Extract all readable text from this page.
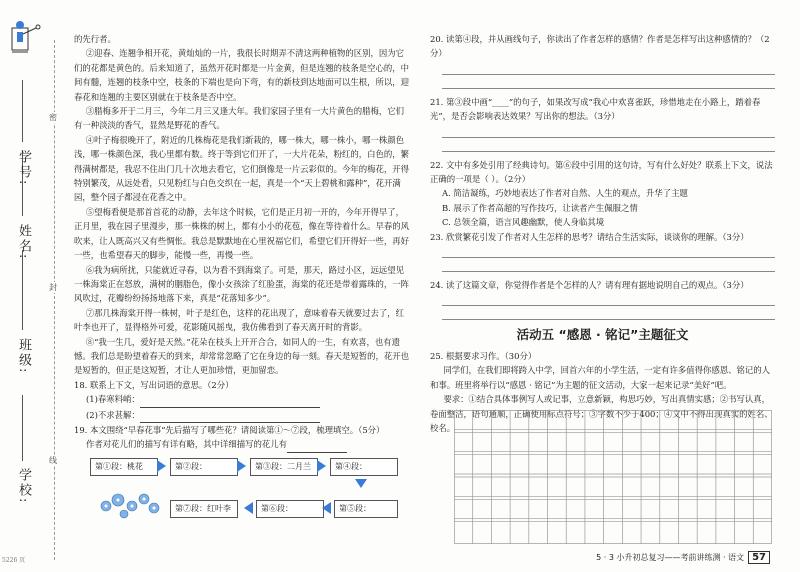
密
封
线
学校:
班级:
姓名:
学号:

的先行者。

②迎春、连翘争相开花，黄灿灿的一片，我很长时期弄不清这两种植物的区别，因为它们的花都是黄色的。后来知道了，虽然开花时都是一片金黄，但是连翘的枝条是空心的，中间有髓，连翘的枝条中空，枝条的下端也是向下弯，有的新枝到达地面可以生根，所以，迎春花和连翘的主要区别就在于枝条是否中空。

③腊梅多开于二月三，今年二月三又逢大年。我们家园子里有一大片黄色的腊梅，它们有一种淡淡的香气，显然是野花的香气。

④叶子梅很晚开了，附近的几株梅花是我们新栽的，哪一株大，哪一株小，哪一株颜色浅，哪一株颜色深，我心里都有数。终于等到它们开了，一大片花朵，粉红的，白色的，繁得满树都是，我忍不住出门几十次地去看它，它们倒像是一片云彩似的。今年的梅花，开得特别繁茂，从远处看，只见粉红与白色交织在一起，真是一个“天上碧桃和露种”，花开满园，整个园子都浸在花香之中。

⑤望梅看便是那首首花的动静，去年这个时候，它们是正月初一开的，今年开得早了，正月里，我在园子里漫步，那一株株的树上，都有小小的花苞，像在等待着什么。早春的风吹来，让人既高兴又有些惆怅。我总是默默地在心里祝福它们，希望它们开得好一些，再好一些，也希望春天的脚步，能慢一些，再慢一些。

⑥我为病所扰，只能就近寻春，以为看不到海棠了。可是，那天，路过小区，远远望见一株海棠正在怒放，满树的胭脂色，像小女孩涂了红脸蛋，海棠的花还是带着露珠的，一阵风吹过，花瓣纷纷扬扬地落下来，真是“花落知多少”。

⑦那几株海棠开得一株树，叶子是红色，这样的花出现了，意味着春天就要过去了，红叶李也开了，显得格外可爱，花影随风摇曳，我仿佛看到了春天离开时的背影。

⑧“我一生几，爱好是天然。”花朵在枝头上开开合合，如同人的一生，有欢喜，也有遗憾。我们总是盼望着春天的到来，却常常忽略了它在身边的每一刻。春天是短暂的，花开也是短暂的，但正是这短暂，才让人更加珍惜，更加留恋。

18. 联系上下文，写出词语的意思。（2分）

(1)春寒料峭：

(2)不求甚解：

19. 本文围绕“早春花事”先后描写了哪些花？请阅读第①～⑦段，梳理填空。（5分）

作者对花儿们的描写有详有略，其中详细描写的花儿有

第①段：桃花	第②段：	第③段：二月兰	第④段：
第⑦段：红叶李	第⑥段：	第⑤段：

20. 读第④段，并从画线句子，你读出了作者怎样的感情？作者是怎样写出这种感情的？（2分）

21. 第③段中画“____”的句子，如果改写成“我心中欢喜雀跃，珍惜地走在小路上，踏着春光”，是否会影响表达效果？写出你的想法。（3分）

22. 文中有多处引用了经典诗句。第⑥段中引用的这句诗，写有什么好处？联系上下文，说法正确的一项是（ ）。（2分）

A. 简洁凝练，巧妙地表达了作者对自然、人生的观点，升华了主题

B. 展示了作者高超的写作技巧，让读者产生佩服之情

C. 总领全篇，语言风趣幽默，使人身临其境

23. 欣赏繁花引发了作者对人生怎样的思考？请结合生活实际，谈谈你的理解。（3分）

24. 读了这篇文章，你觉得作者是个怎样的人？请有理有据地说明自己的观点。（3分）

活动五 “感恩 · 铭记”主题征文

25. 根据要求习作。（30分）

同学们，在我们即将跨入中学，回首六年的小学生活，一定有许多值得你感恩、铭记的人和事。班里将举行以“感恩 · 铭记”为主题的征文活动，大家一起来记录“美好”吧。

要求：①结合具体事例写人或记事，立意新颖，构思巧妙，写出真情实感；②书写认真，卷面整洁，语句通顺，正确使用标点符号；③字数不少于400；④文中不得出现真实的姓名、校名。

5 · 3 小升初总复习——考前讲练测 · 语文 57
5226 页
